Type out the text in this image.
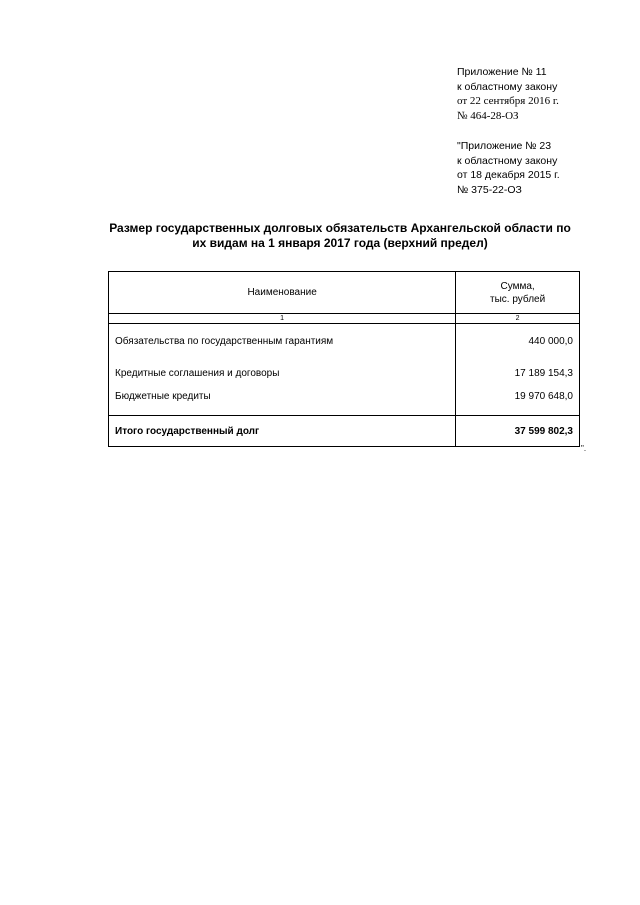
Приложение № 11
к областному закону
от 22 сентября 2016 г.
№ 464-28-ОЗ
"Приложение № 23
к областному закону
от 18 декабря 2015 г.
№ 375-22-ОЗ
Размер государственных долговых обязательств Архангельской области по
их видам на 1 января 2017 года (верхний предел)
Наименование	Сумма,
тыс. рублей

1	2
Обязательства по государственным гарантиям	440 000,0
Кредитные соглашения и договоры	17 189 154,3
Бюджетные кредиты	19 970 648,0
Итого государственный долг	37 599 802,3
".
